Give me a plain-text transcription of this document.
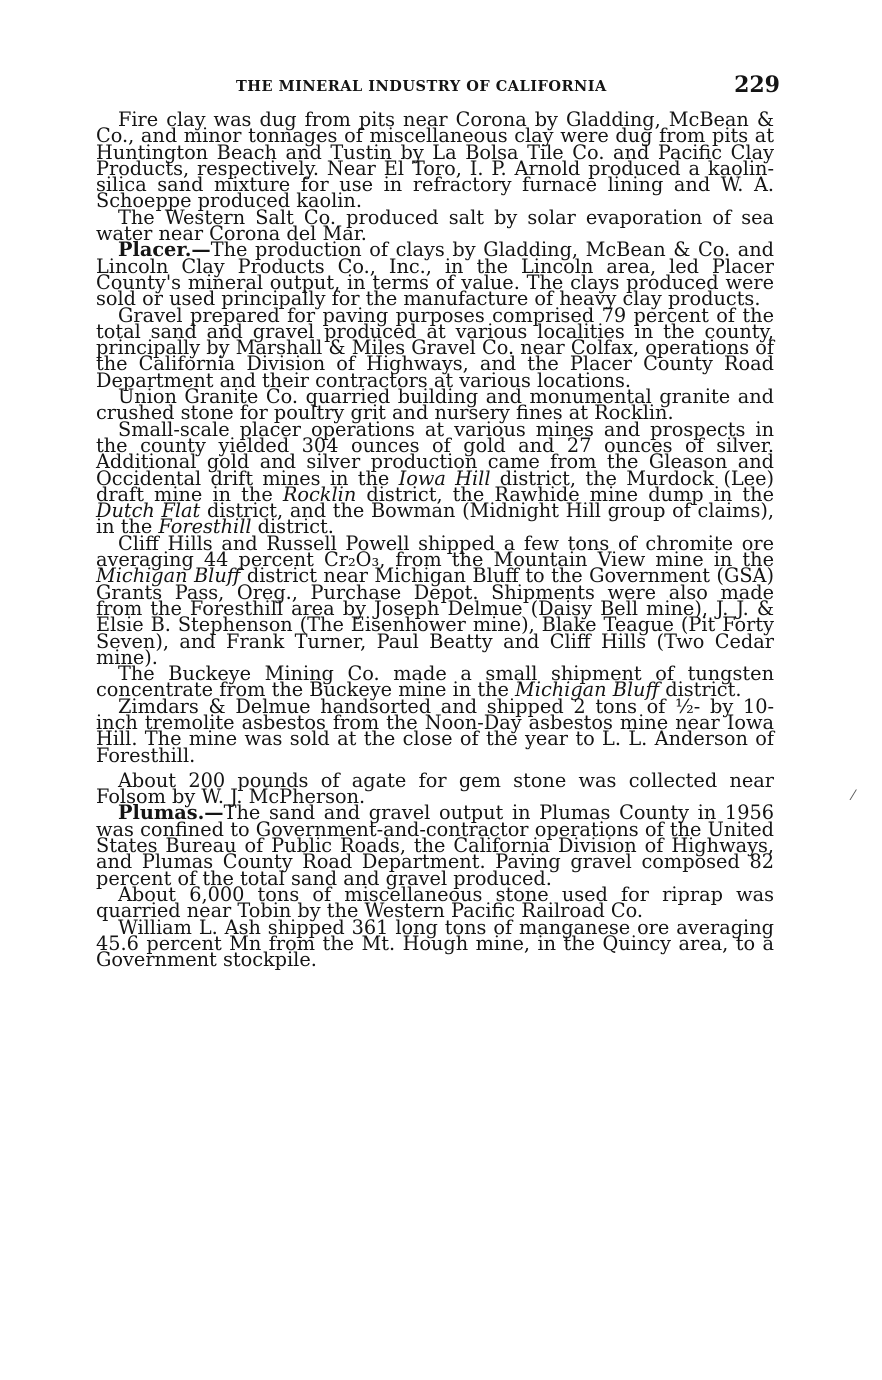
THE MINERAL INDUSTRY OF CALIFORNIA	229

Fire clay was dug from pits near Corona by Gladding, McBean & Co., and minor tonnages of miscellaneous clay were dug from pits at Huntington Beach and Tustin by La Bolsa Tile Co. and Pacific Clay Products, respectively. Near El Toro, I. P. Arnold produced a kaolin-silica sand mixture for use in refractory furnace lining and W. A. Schoeppe produced kaolin.

The Western Salt Co. produced salt by solar evaporation of sea water near Corona del Mar.

Placer.—The production of clays by Gladding, McBean & Co. and Lincoln Clay Products Co., Inc., in the Lincoln area, led Placer County's mineral output, in terms of value. The clays produced were sold or used principally for the manufacture of heavy clay products.

Gravel prepared for paving purposes comprised 79 percent of the total sand and gravel produced at various localities in the county, principally by Marshall & Miles Gravel Co. near Colfax, operations of the California Division of Highways, and the Placer County Road Department and their contractors at various locations.

Union Granite Co. quarried building and monumental granite and crushed stone for poultry grit and nursery fines at Rocklin.

Small-scale placer operations at various mines and prospects in the county yielded 304 ounces of gold and 27 ounces of silver. Additional gold and silver production came from the Gleason and Occidental drift mines in the Iowa Hill district, the Murdock (Lee) draft mine in the Rocklin district, the Rawhide mine dump in the Dutch Flat district, and the Bowman (Midnight Hill group of claims), in the Foresthill district.

Cliff Hills and Russell Powell shipped a few tons of chromite ore averaging 44 percent Cr₂O₃, from the Mountain View mine in the Michigan Bluff district near Michigan Bluff to the Government (GSA) Grants Pass, Oreg., Purchase Depot. Shipments were also made from the Foresthill area by Joseph Delmue (Daisy Bell mine), J. J. & Elsie B. Stephenson (The Eisenhower mine), Blake Teague (Pit Forty Seven), and Frank Turner, Paul Beatty and Cliff Hills (Two Cedar mine).

The Buckeye Mining Co. made a small shipment of tungsten concentrate from the Buckeye mine in the Michigan Bluff district.

Zimdars & Delmue handsorted and shipped 2 tons of ½- by 10-inch tremolite asbestos from the Noon-Day asbestos mine near Iowa Hill. The mine was sold at the close of the year to L. L. Anderson of Foresthill.

About 200 pounds of agate for gem stone was collected near Folsom by W. J. McPherson.

Plumas.—The sand and gravel output in Plumas County in 1956 was confined to Government-and-contractor operations of the United States Bureau of Public Roads, the California Division of Highways, and Plumas County Road Department. Paving gravel composed 82 percent of the total sand and gravel produced.

About 6,000 tons of miscellaneous stone used for riprap was quarried near Tobin by the Western Pacific Railroad Co.

William L. Ash shipped 361 long tons of manganese ore averaging 45.6 percent Mn from the Mt. Hough mine, in the Quincy area, to a Government stockpile.

⁄
